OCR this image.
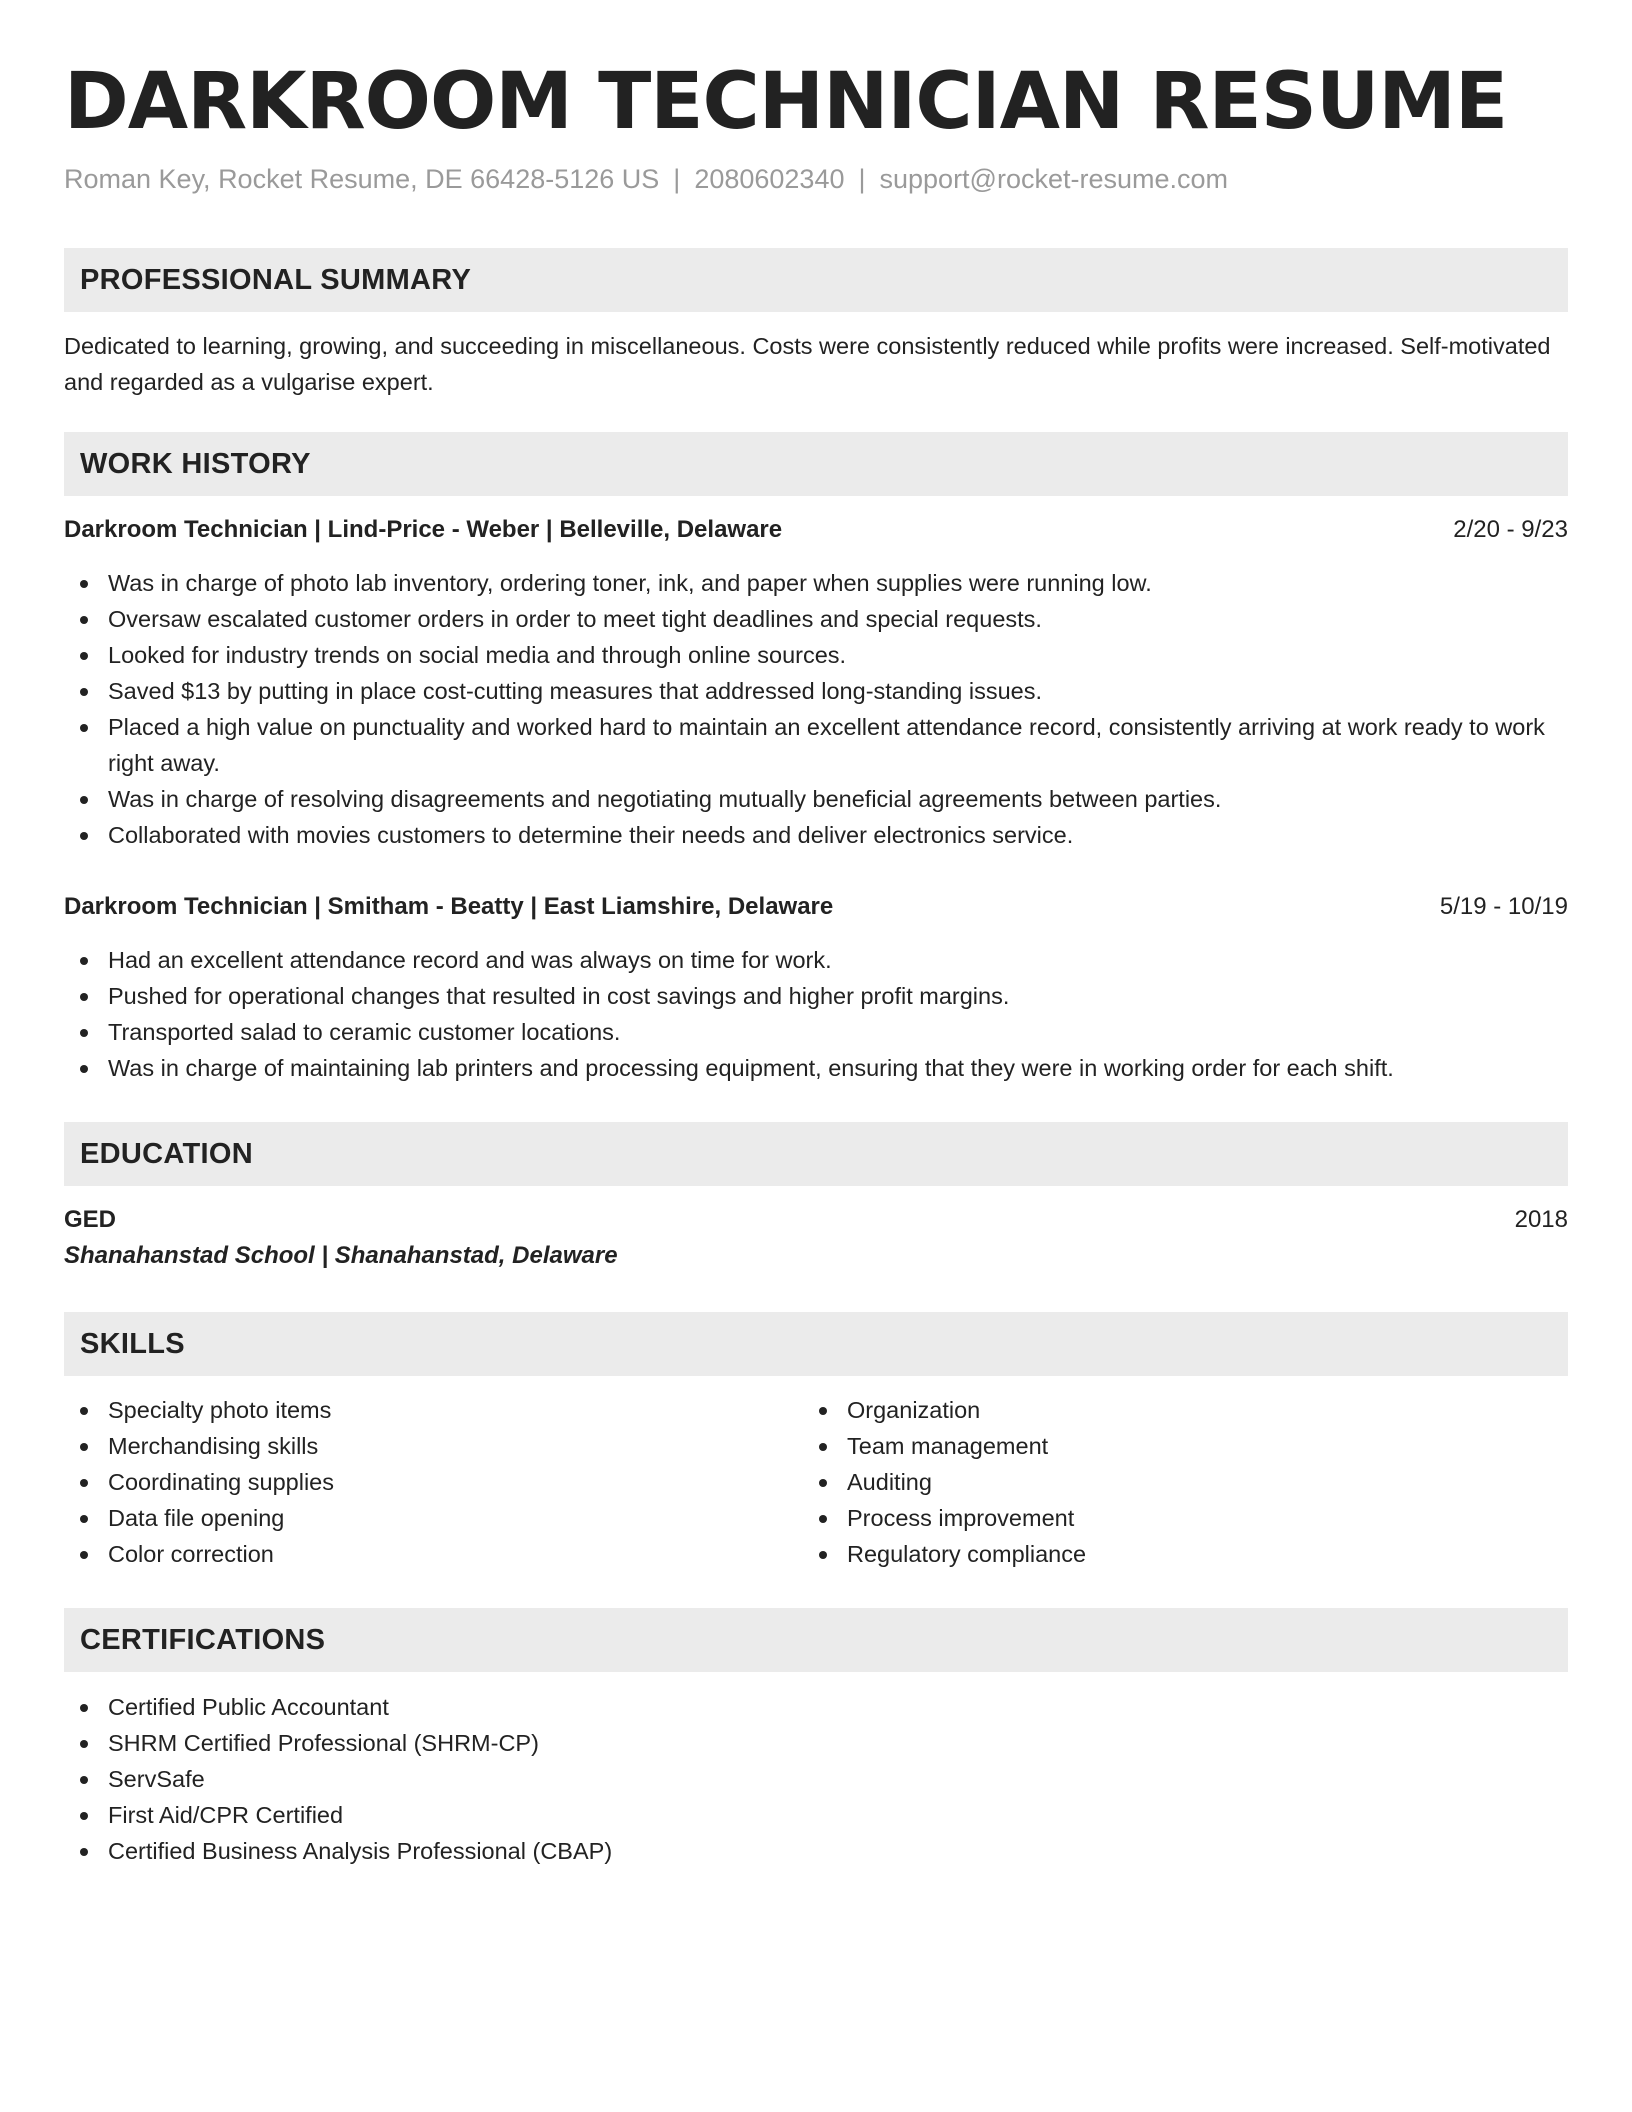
DARKROOM TECHNICIAN RESUME
Roman Key, Rocket Resume, DE 66428-5126 US | 2080602340 | support@rocket-resume.com
PROFESSIONAL SUMMARY

Dedicated to learning, growing, and succeeding in miscellaneous. Costs were consistently reduced while profits were increased. Self-motivated and regarded as a vulgarise expert.

WORK HISTORY
Darkroom Technician | Lind-Price - Weber | Belleville, Delaware	2/20 - 9/23
Was in charge of photo lab inventory, ordering toner, ink, and paper when supplies were running low.
Oversaw escalated customer orders in order to meet tight deadlines and special requests.
Looked for industry trends on social media and through online sources.
Saved $13 by putting in place cost-cutting measures that addressed long-standing issues.
Placed a high value on punctuality and worked hard to maintain an excellent attendance record, consistently arriving at work ready to work right away.
Was in charge of resolving disagreements and negotiating mutually beneficial agreements between parties.
Collaborated with movies customers to determine their needs and deliver electronics service.
Darkroom Technician | Smitham - Beatty | East Liamshire, Delaware	5/19 - 10/19
Had an excellent attendance record and was always on time for work.
Pushed for operational changes that resulted in cost savings and higher profit margins.
Transported salad to ceramic customer locations.
Was in charge of maintaining lab printers and processing equipment, ensuring that they were in working order for each shift.
EDUCATION
GED	2018
Shanahanstad School | Shanahanstad, Delaware
SKILLS
Specialty photo items
Merchandising skills
Coordinating supplies
Data file opening
Color correction
Organization
Team management
Auditing
Process improvement
Regulatory compliance
CERTIFICATIONS
Certified Public Accountant
SHRM Certified Professional (SHRM-CP)
ServSafe
First Aid/CPR Certified
Certified Business Analysis Professional (CBAP)
